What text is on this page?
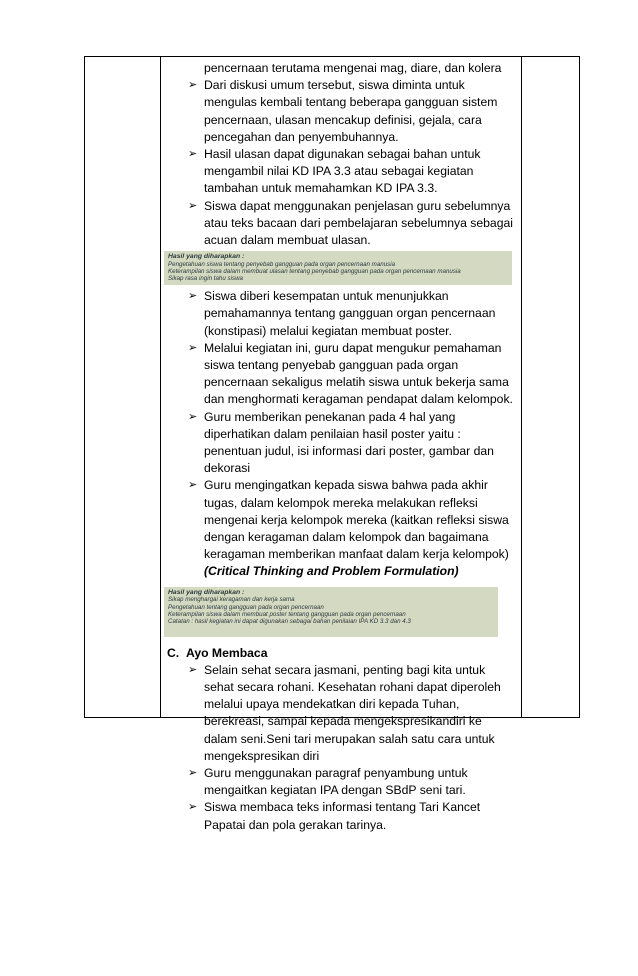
pencernaan terutama mengenai mag, diare, dan kolera
➢ Dari diskusi umum tersebut, siswa diminta untuk mengulas kembali tentang beberapa gangguan sistem pencernaan, ulasan mencakup definisi, gejala, cara pencegahan dan penyembuhannya.
➢ Hasil ulasan dapat digunakan sebagai bahan untuk mengambil nilai KD IPA 3.3 atau sebagai kegiatan tambahan untuk memahamkan KD IPA 3.3.
➢ Siswa dapat menggunakan penjelasan guru sebelumnya atau teks bacaan dari pembelajaran sebelumnya sebagai acuan dalam membuat ulasan.
Hasil yang diharapkan :
Pengetahuan siswa tentang penyebab gangguan pada organ pencernaan manusia
Keterampilan siswa dalam membuat ulasan tentang penyebab gangguan pada organ pencernaan manusia
Sikap rasa ingin tahu siswa
➢ Siswa diberi kesempatan untuk menunjukkan pemahamannya tentang gangguan organ pencernaan (konstipasi) melalui kegiatan membuat poster.
➢ Melalui kegiatan ini, guru dapat mengukur pemahaman siswa tentang penyebab gangguan pada organ pencernaan sekaligus melatih siswa untuk bekerja sama dan menghormati keragaman pendapat dalam kelompok.
➢ Guru memberikan penekanan pada 4 hal yang diperhatikan dalam penilaian hasil poster yaitu : penentuan judul, isi informasi dari poster, gambar dan dekorasi
➢ Guru mengingatkan kepada siswa bahwa pada akhir tugas, dalam kelompok mereka melakukan refleksi mengenai kerja kelompok mereka (kaitkan refleksi siswa dengan keragaman dalam kelompok dan bagaimana keragaman memberikan manfaat dalam kerja kelompok)
(Critical Thinking and Problem Formulation)
Hasil yang diharapkan :
Sikap menghargai keragaman dan kerja sama
Pengetahuan tentang gangguan pada organ pencernaan
Keterampilan siswa dalam membuat poster tentang gangguan pada organ pencernaan
Catatan : hasil kegiatan ini dapat digunakan sebagai bahan penilaian IPA KD 3.3 dan 4.3
C. Ayo Membaca
➢ Selain sehat secara jasmani, penting bagi kita untuk sehat secara rohani. Kesehatan rohani dapat diperoleh melalui upaya mendekatkan diri kepada Tuhan, berekreasi, sampai kepada mengekspresikandiri ke dalam seni.Seni tari merupakan salah satu cara untuk mengekspresikan diri
➢ Guru menggunakan paragraf penyambung untuk mengaitkan kegiatan IPA dengan SBdP seni tari.
➢ Siswa membaca teks informasi tentang Tari Kancet Papatai dan pola gerakan tarinya.
